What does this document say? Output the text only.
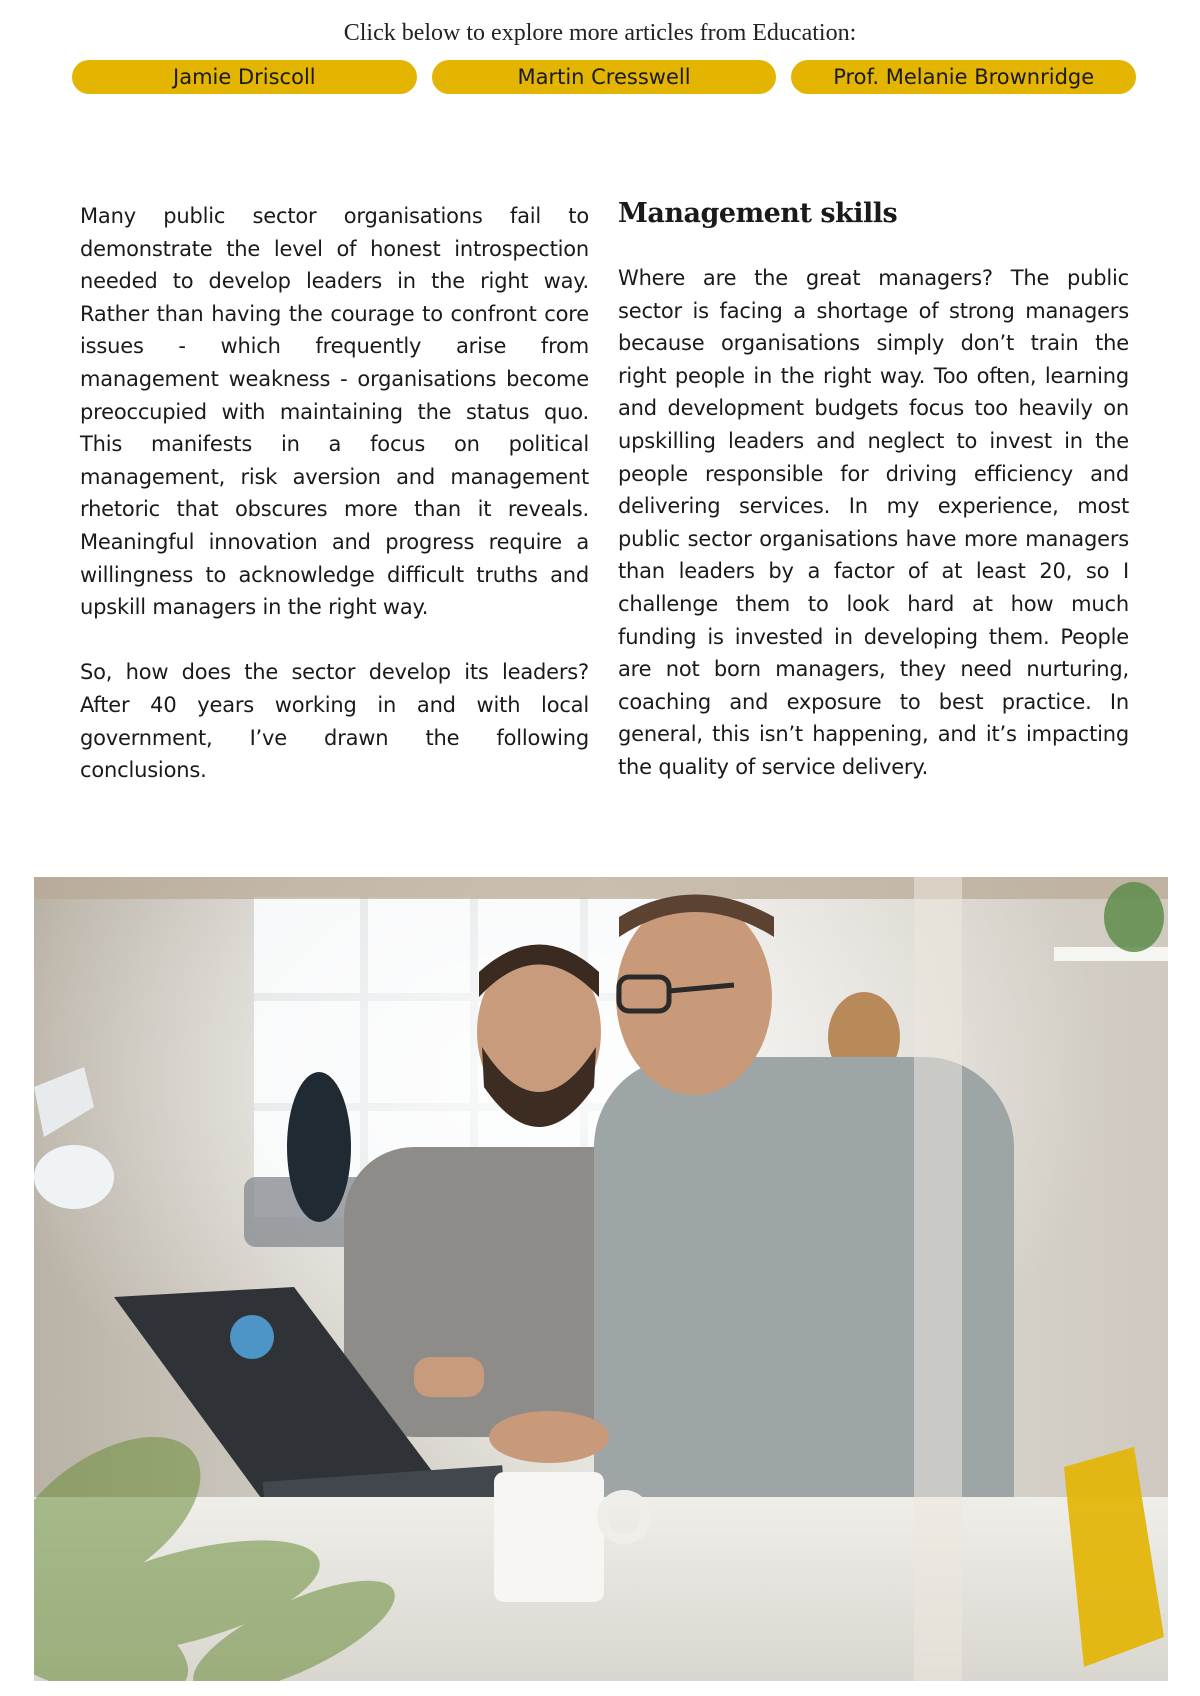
Click below to explore more articles from Education:
Jamie Driscoll	Martin Cresswell	Prof. Melanie Brownridge

Many public sector organisations fail to demonstrate the level of honest introspection needed to develop leaders in the right way. Rather than having the courage to confront core issues - which frequently arise from management weakness - organisations become preoccupied with maintaining the status quo. This manifests in a focus on political management, risk aversion and management rhetoric that obscures more than it reveals. Meaningful innovation and progress require a willingness to acknowledge difficult truths and upskill managers in the right way.

So, how does the sector develop its leaders? After 40 years working in and with local government, I’ve drawn the following conclusions.

Management skills

Where are the great managers? The public sector is facing a shortage of strong managers because organisations simply don’t train the right people in the right way. Too often, learning and development budgets focus too heavily on upskilling leaders and neglect to invest in the people responsible for driving efficiency and delivering services. In my experience, most public sector organisations have more managers than leaders by a factor of at least 20, so I challenge them to look hard at how much funding is invested in developing them. People are not born managers, they need nurturing, coaching and exposure to best practice. In general, this isn’t happening, and it’s impacting the quality of service delivery.
